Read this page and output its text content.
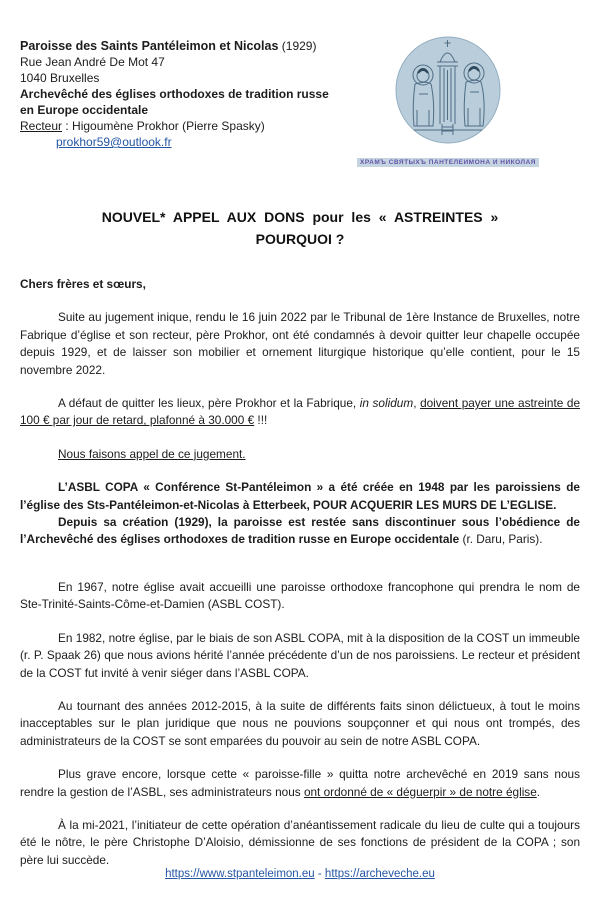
Paroisse des Saints Pantéleimon et Nicolas (1929)
Rue Jean André De Mot 47
1040 Bruxelles
Archevêché des églises orthodoxes de tradition russe
en Europe occidentale
Recteur : Higoumène Prokhor (Pierre Spasky)
prokhor59@outlook.fr
ХРАМЪ СВЯТЫХЪ ПАНТЕЛЕИМОНА И НИКОЛАЯ
NOUVEL* APPEL AUX DONS pour les « ASTREINTES »
POURQUOI ?
Chers frères et sœurs,

Suite au jugement inique, rendu le 16 juin 2022 par le Tribunal de 1ère Instance de Bruxelles, notre Fabrique d’église et son recteur, père Prokhor, ont été condamnés à devoir quitter leur chapelle occupée depuis 1929, et de laisser son mobilier et ornement liturgique historique qu’elle contient, pour le 15 novembre 2022.

A défaut de quitter les lieux, père Prokhor et la Fabrique, in solidum, doivent payer une astreinte de 100 € par jour de retard, plafonné à 30.000 € !!!

Nous faisons appel de ce jugement.

L’ASBL COPA « Conférence St-Pantéleimon » a été créée en 1948 par les paroissiens de l’église des Sts-Pantéleimon-et-Nicolas à Etterbeek, POUR ACQUERIR LES MURS DE L’EGLISE.

Depuis sa création (1929), la paroisse est restée sans discontinuer sous l’obédience de l’Archevêché des églises orthodoxes de tradition russe en Europe occidentale (r. Daru, Paris).

En 1967, notre église avait accueilli une paroisse orthodoxe francophone qui prendra le nom de Ste-Trinité-Saints-Côme-et-Damien (ASBL COST).

En 1982, notre église, par le biais de son ASBL COPA, mit à la disposition de la COST un immeuble (r. P. Spaak 26) que nous avions hérité l’année précédente d’un de nos paroissiens. Le recteur et président de la COST fut invité à venir siéger dans l’ASBL COPA.

Au tournant des années 2012-2015, à la suite de différents faits sinon délictueux, à tout le moins inacceptables sur le plan juridique que nous ne pouvions soupçonner et qui nous ont trompés, des administrateurs de la COST se sont emparées du pouvoir au sein de notre ASBL COPA.

Plus grave encore, lorsque cette « paroisse-fille » quitta notre archevêché en 2019 sans nous rendre la gestion de l’ASBL, ses administrateurs nous ont ordonné de « déguerpir » de notre église.

À la mi-2021, l’initiateur de cette opération d’anéantissement radicale du lieu de culte qui a toujours été le nôtre, le père Christophe D’Aloisio, démissionne de ses fonctions de président de la COPA ; son père lui succède.

https://www.stpanteleimon.eu - https://archeveche.eu
